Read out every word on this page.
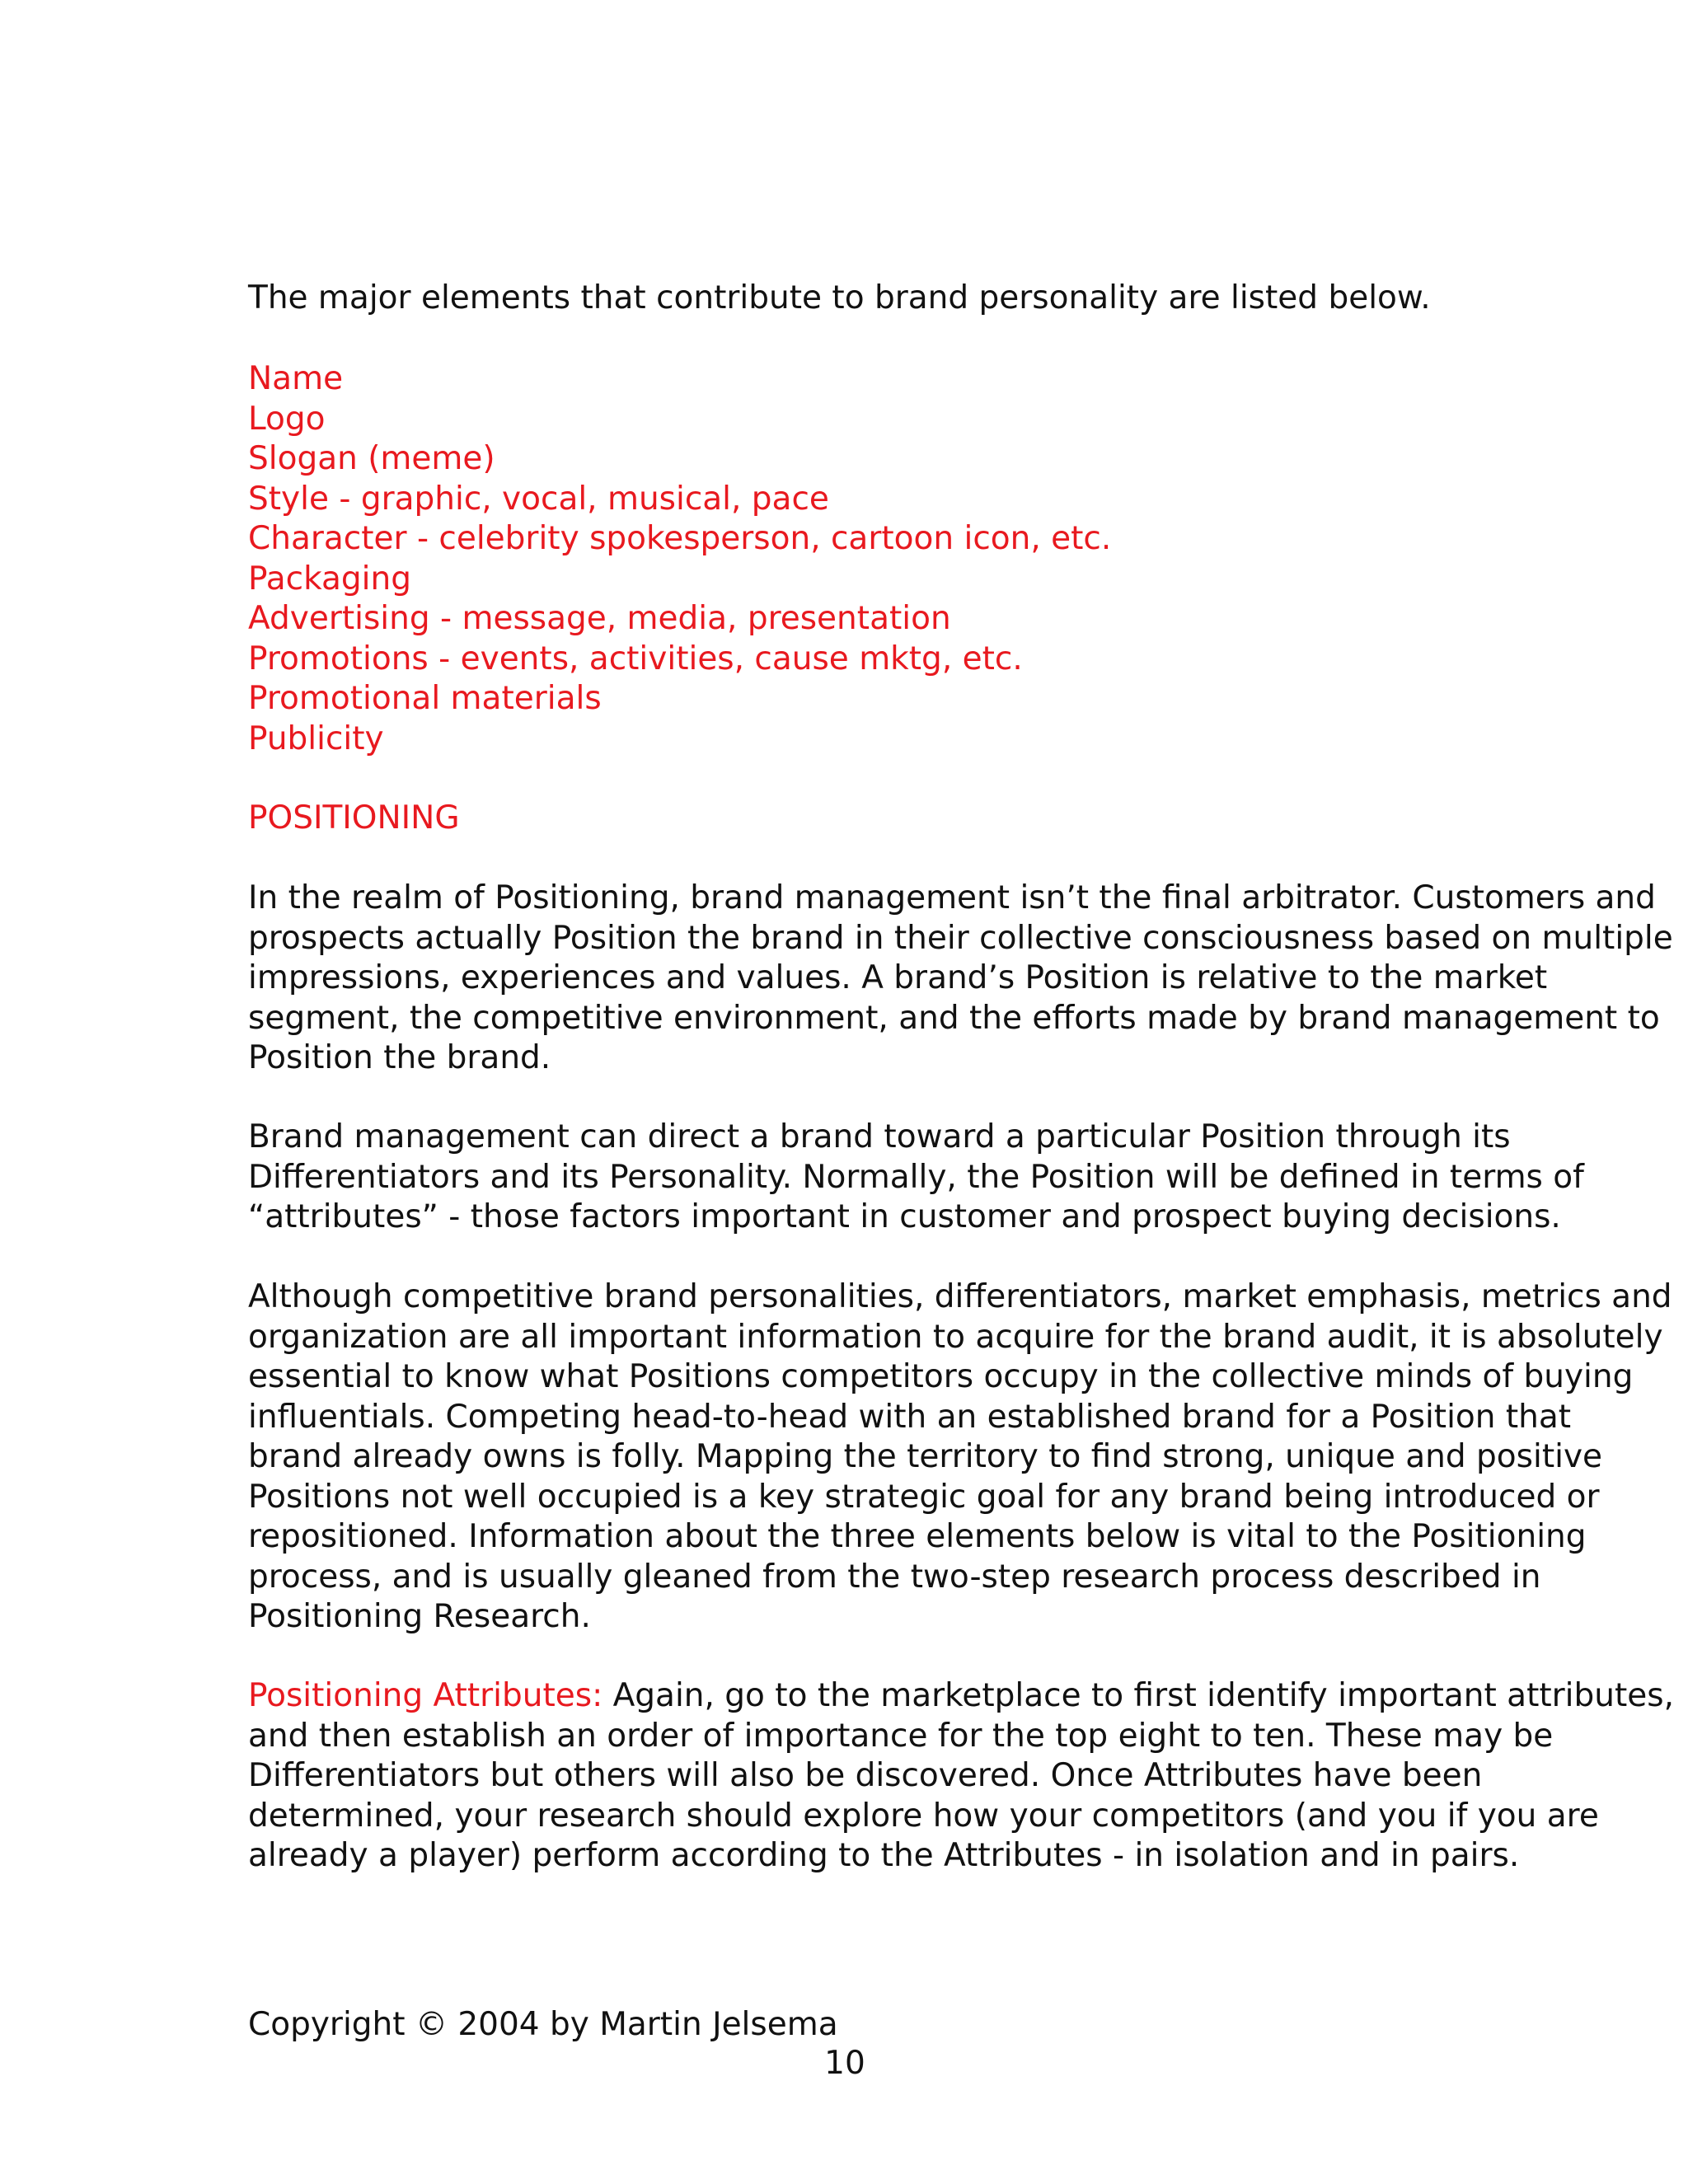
The major elements that contribute to brand personality are listed below.
Name
Logo
Slogan (meme)
Style - graphic, vocal, musical, pace
Character - celebrity spokesperson, cartoon icon, etc.
Packaging
Advertising - message, media, presentation
Promotions - events, activities, cause mktg, etc.
Promotional materials
Publicity
POSITIONING

In the realm of Positioning, brand management isn’t the final arbitrator. Customers and
prospects actually Position the brand in their collective consciousness based on multiple
impressions, experiences and values. A brand’s Position is relative to the market
segment, the competitive environment, and the efforts made by brand management to
Position the brand.

Brand management can direct a brand toward a particular Position through its
Differentiators and its Personality. Normally, the Position will be defined in terms of
“attributes” - those factors important in customer and prospect buying decisions.

Although competitive brand personalities, differentiators, market emphasis, metrics and
organization are all important information to acquire for the brand audit, it is absolutely
essential to know what Positions competitors occupy in the collective minds of buying
influentials. Competing head-to-head with an established brand for a Position that
brand already owns is folly. Mapping the territory to find strong, unique and positive
Positions not well occupied is a key strategic goal for any brand being introduced or
repositioned. Information about the three elements below is vital to the Positioning
process, and is usually gleaned from the two-step research process described in
Positioning Research.

Positioning Attributes: Again, go to the marketplace to first identify important attributes,
and then establish an order of importance for the top eight to ten. These may be
Differentiators but others will also be discovered. Once Attributes have been
determined, your research should explore how your competitors (and you if you are
already a player) perform according to the Attributes - in isolation and in pairs.

Copyright © 2004 by Martin Jelsema
10
